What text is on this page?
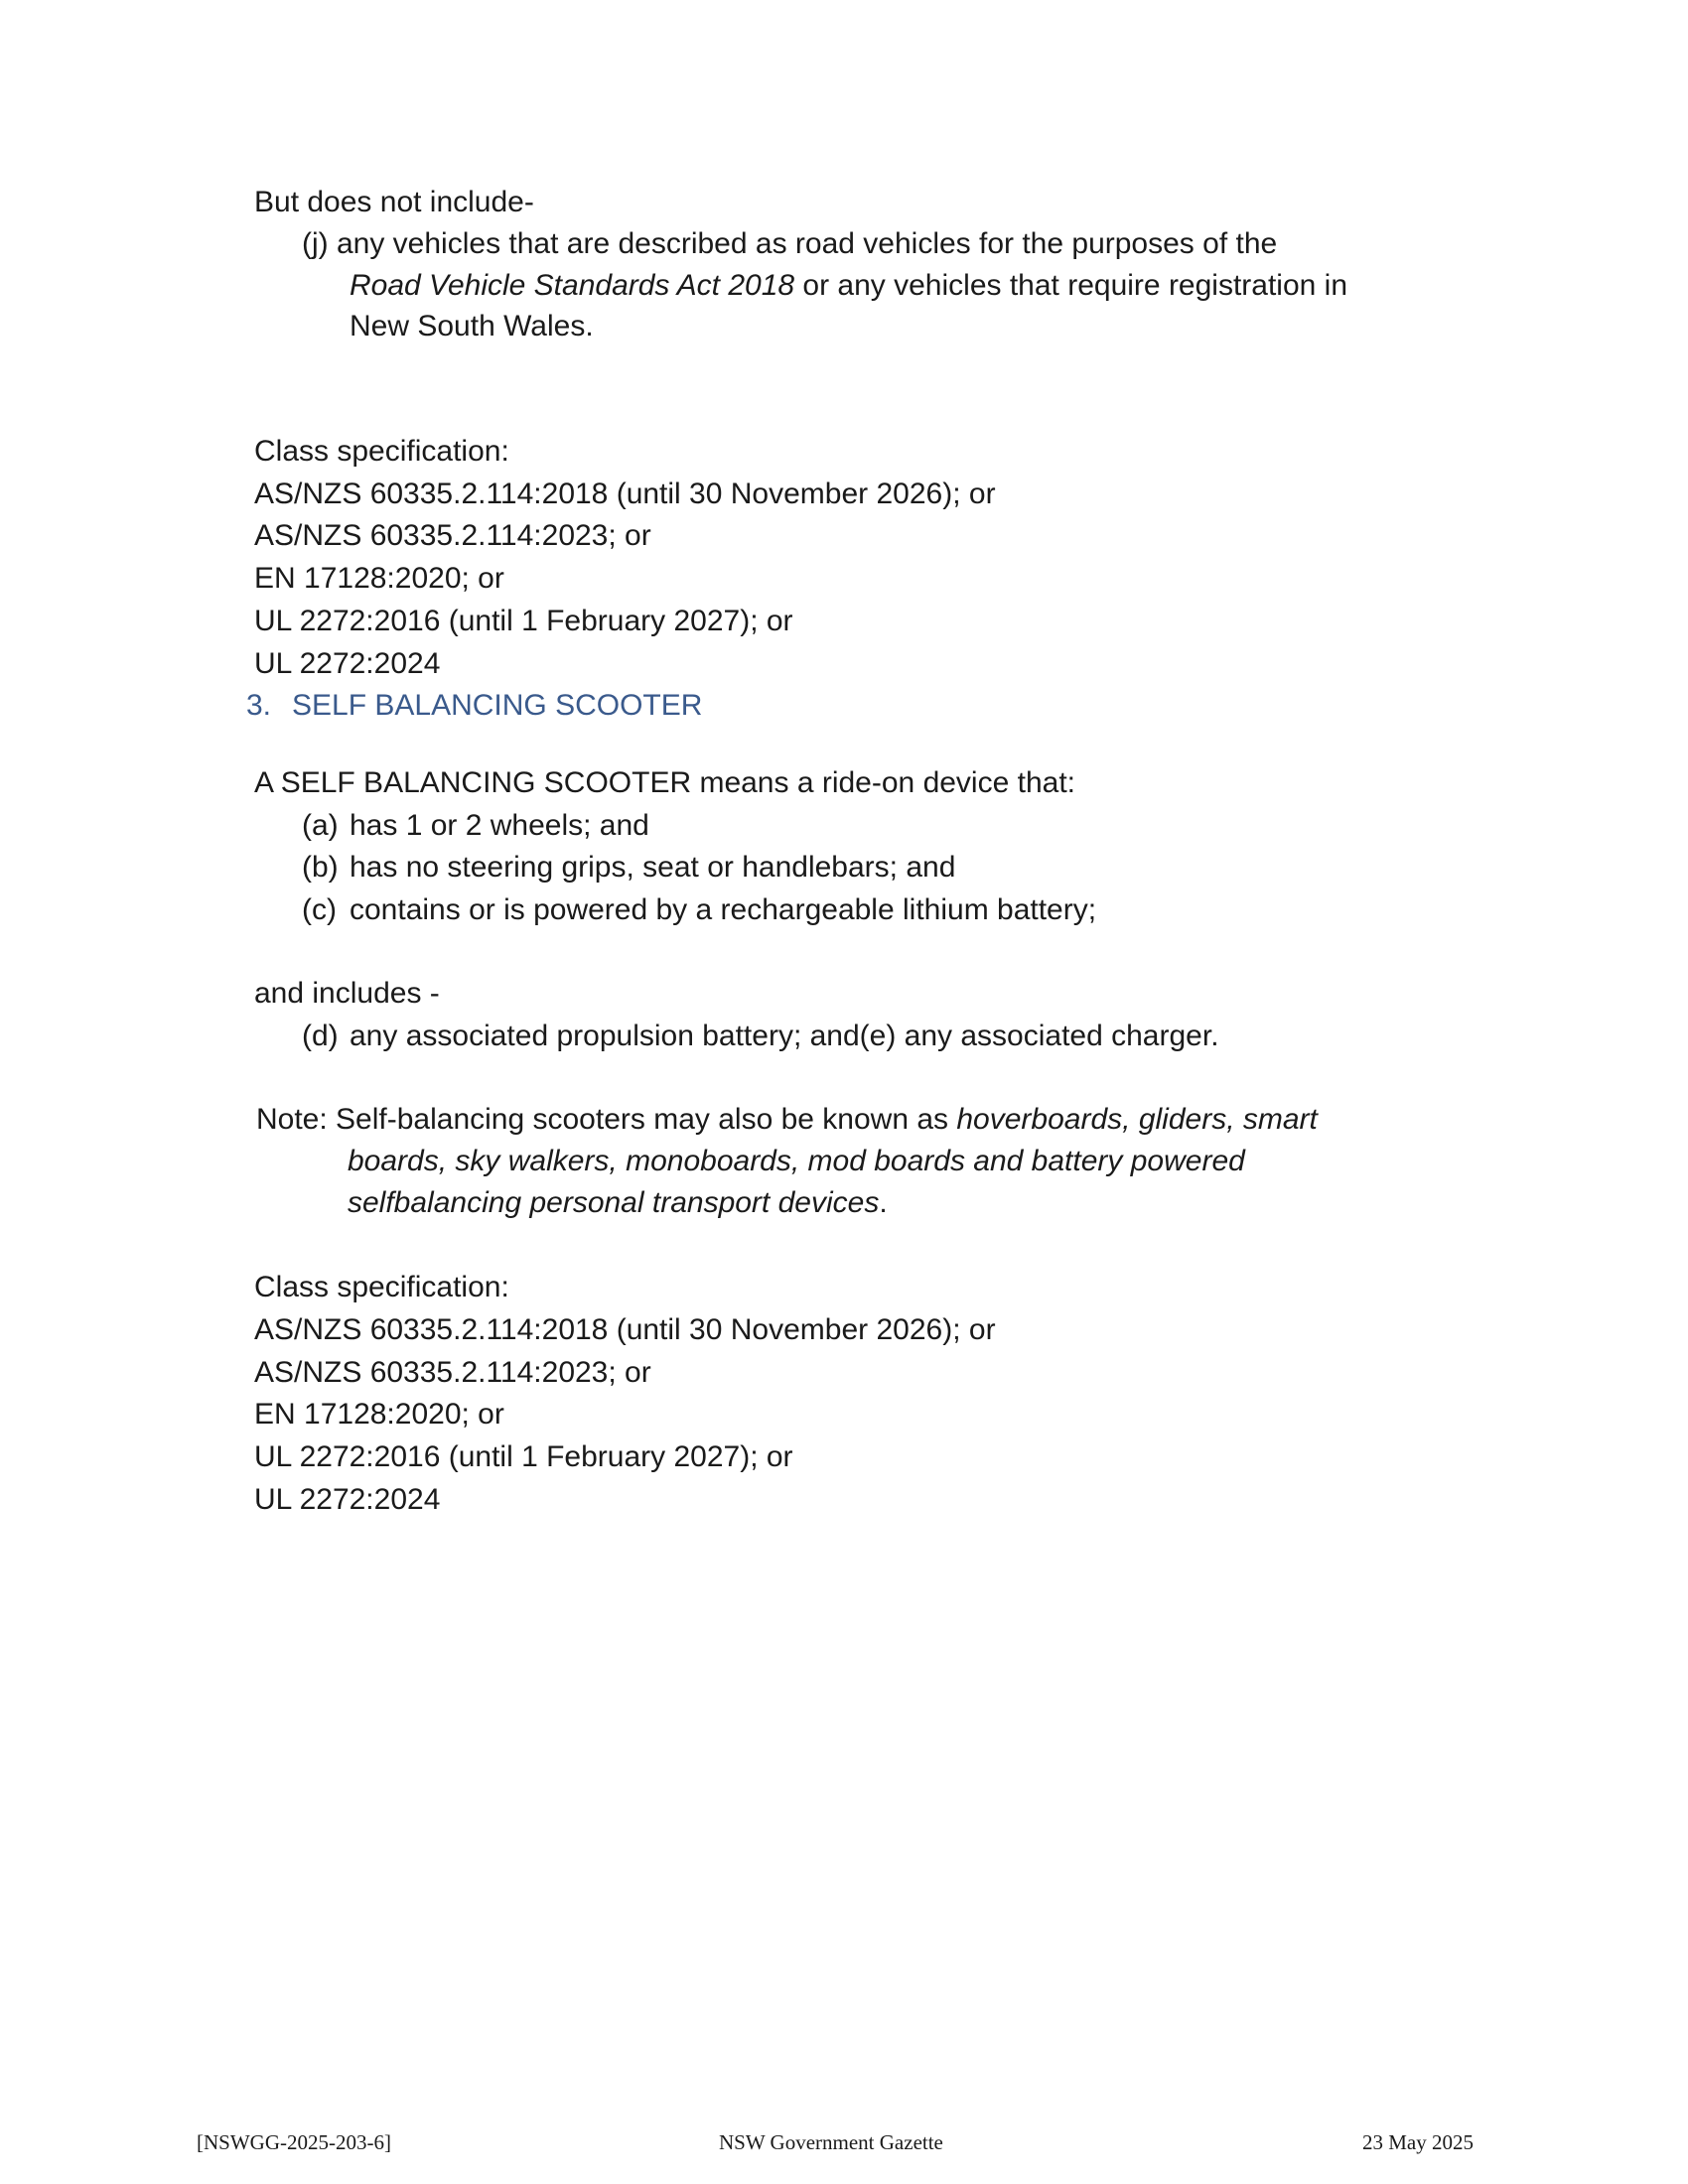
But does not include-
(j) any vehicles that are described as road vehicles for the purposes of the
Road Vehicle Standards Act 2018 or any vehicles that require registration in
New South Wales.
Class specification:
AS/NZS 60335.2.114:2018 (until 30 November 2026); or
AS/NZS 60335.2.114:2023; or
EN 17128:2020; or
UL 2272:2016 (until 1 February 2027); or
UL 2272:2024
3. SELF BALANCING SCOOTER
A SELF BALANCING SCOOTER means a ride-on device that:
(a) has 1 or 2 wheels; and
(b) has no steering grips, seat or handlebars; and
(c) contains or is powered by a rechargeable lithium battery;
and includes -
(d) any associated propulsion battery; and(e) any associated charger.
Note: Self-balancing scooters may also be known as hoverboards, gliders, smart
boards, sky walkers, monoboards, mod boards and battery powered
selfbalancing personal transport devices.
Class specification:
AS/NZS 60335.2.114:2018 (until 30 November 2026); or
AS/NZS 60335.2.114:2023; or
EN 17128:2020; or
UL 2272:2016 (until 1 February 2027); or
UL 2272:2024
[NSWGG-2025-203-6]	NSW Government Gazette	23 May 2025
